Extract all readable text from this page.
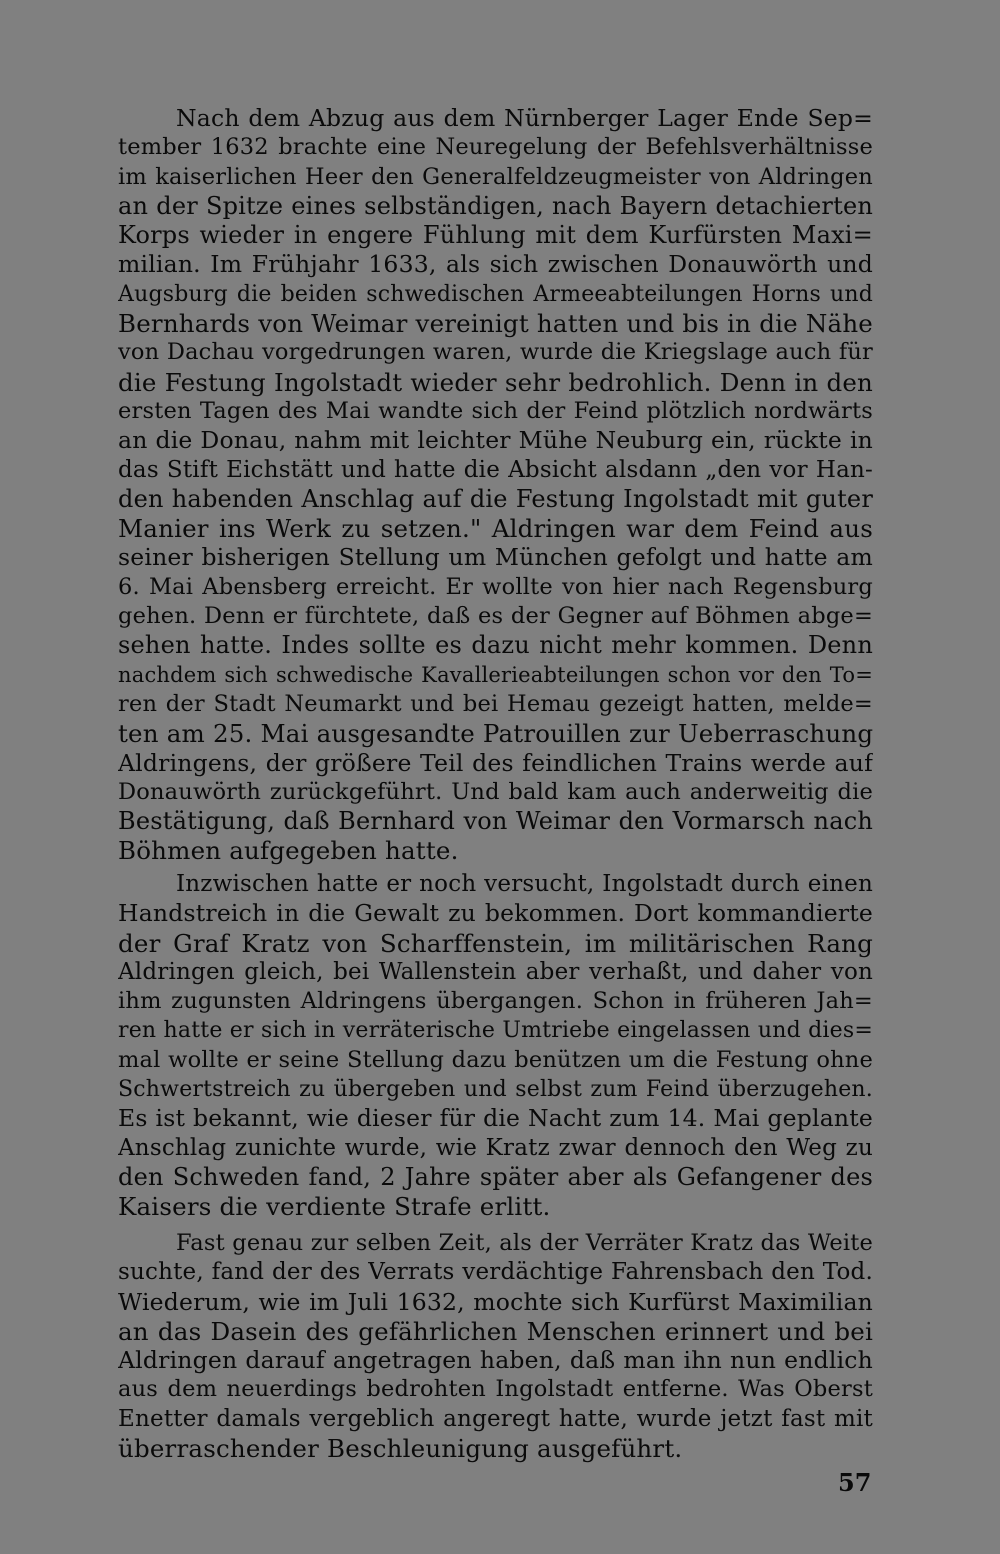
Nach dem Abzug aus dem Nürnberger Lager Ende Sep=
tember 1632 brachte eine Neuregelung der Befehlsverhältnisse
im kaiserlichen Heer den Generalfeldzeugmeister von Aldringen
an der Spitze eines selbständigen, nach Bayern detachierten
Korps wieder in engere Fühlung mit dem Kurfürsten Maxi=
milian. Im Frühjahr 1633, als sich zwischen Donauwörth und
Augsburg die beiden schwedischen Armeeabteilungen Horns und
Bernhards von Weimar vereinigt hatten und bis in die Nähe
von Dachau vorgedrungen waren, wurde die Kriegslage auch für
die Festung Ingolstadt wieder sehr bedrohlich. Denn in den
ersten Tagen des Mai wandte sich der Feind plötzlich nordwärts
an die Donau, nahm mit leichter Mühe Neuburg ein, rückte in
das Stift Eichstätt und hatte die Absicht alsdann „den vor Han-
den habenden Anschlag auf die Festung Ingolstadt mit guter
Manier ins Werk zu setzen." Aldringen war dem Feind aus
seiner bisherigen Stellung um München gefolgt und hatte am
6. Mai Abensberg erreicht. Er wollte von hier nach Regensburg
gehen. Denn er fürchtete, daß es der Gegner auf Böhmen abge=
sehen hatte. Indes sollte es dazu nicht mehr kommen. Denn
nachdem sich schwedische Kavallerieabteilungen schon vor den To=
ren der Stadt Neumarkt und bei Hemau gezeigt hatten, melde=
ten am 25. Mai ausgesandte Patrouillen zur Ueberraschung
Aldringens, der größere Teil des feindlichen Trains werde auf
Donauwörth zurückgeführt. Und bald kam auch anderweitig die
Bestätigung, daß Bernhard von Weimar den Vormarsch nach
Böhmen aufgegeben hatte.
Inzwischen hatte er noch versucht, Ingolstadt durch einen
Handstreich in die Gewalt zu bekommen. Dort kommandierte
der Graf Kratz von Scharffenstein, im militärischen Rang
Aldringen gleich, bei Wallenstein aber verhaßt, und daher von
ihm zugunsten Aldringens übergangen. Schon in früheren Jah=
ren hatte er sich in verräterische Umtriebe eingelassen und dies=
mal wollte er seine Stellung dazu benützen um die Festung ohne
Schwertstreich zu übergeben und selbst zum Feind überzugehen.
Es ist bekannt, wie dieser für die Nacht zum 14. Mai geplante
Anschlag zunichte wurde, wie Kratz zwar dennoch den Weg zu
den Schweden fand, 2 Jahre später aber als Gefangener des
Kaisers die verdiente Strafe erlitt.
Fast genau zur selben Zeit, als der Verräter Kratz das Weite
suchte, fand der des Verrats verdächtige Fahrensbach den Tod.
Wiederum, wie im Juli 1632, mochte sich Kurfürst Maximilian
an das Dasein des gefährlichen Menschen erinnert und bei
Aldringen darauf angetragen haben, daß man ihn nun endlich
aus dem neuerdings bedrohten Ingolstadt entferne. Was Oberst
Enetter damals vergeblich angeregt hatte, wurde jetzt fast mit
überraschender Beschleunigung ausgeführt.
57
